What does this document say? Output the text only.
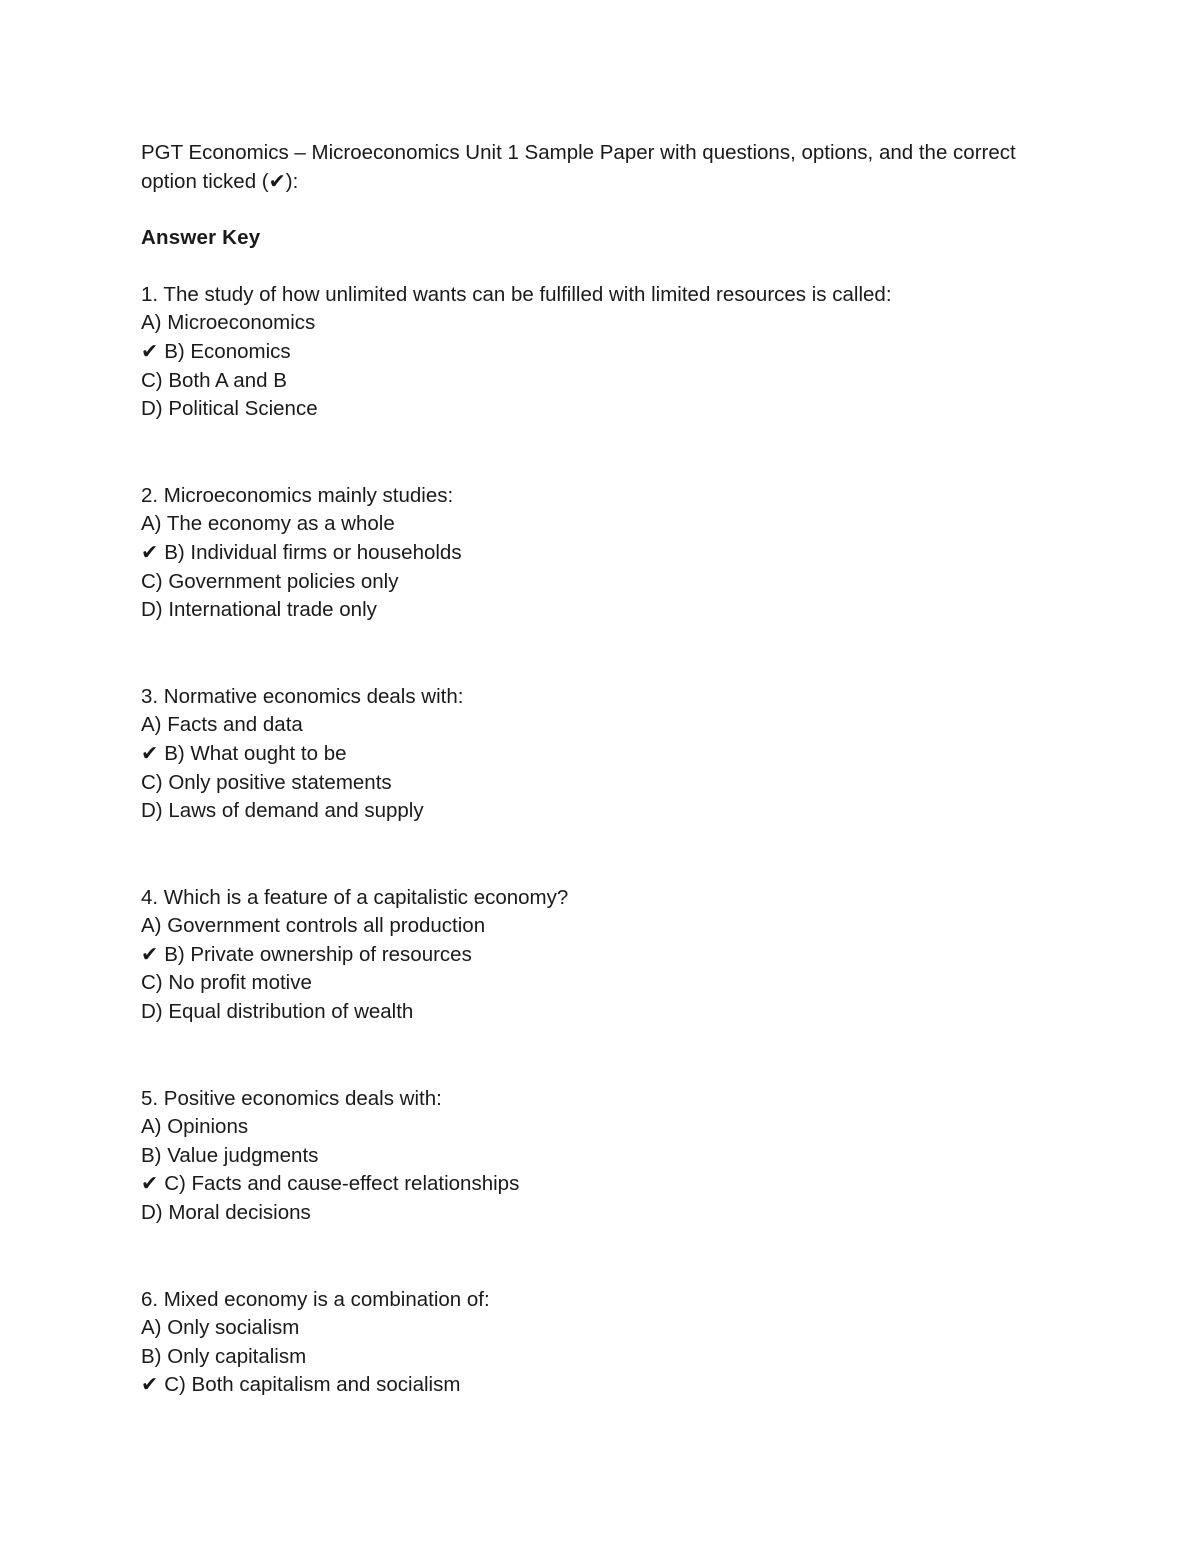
PGT Economics – Microeconomics Unit 1 Sample Paper with questions, options, and the correct option ticked (✔):

Answer Key

1. The study of how unlimited wants can be fulfilled with limited resources is called:

A) Microeconomics
✔ B) Economics
C) Both A and B
D) Political Science

2. Microeconomics mainly studies:

A) The economy as a whole
✔ B) Individual firms or households
C) Government policies only
D) International trade only

3. Normative economics deals with:

A) Facts and data
✔ B) What ought to be
C) Only positive statements
D) Laws of demand and supply

4. Which is a feature of a capitalistic economy?

A) Government controls all production
✔ B) Private ownership of resources
C) No profit motive
D) Equal distribution of wealth

5. Positive economics deals with:

A) Opinions
B) Value judgments
✔ C) Facts and cause-effect relationships
D) Moral decisions

6. Mixed economy is a combination of:

A) Only socialism
B) Only capitalism
✔ C) Both capitalism and socialism
